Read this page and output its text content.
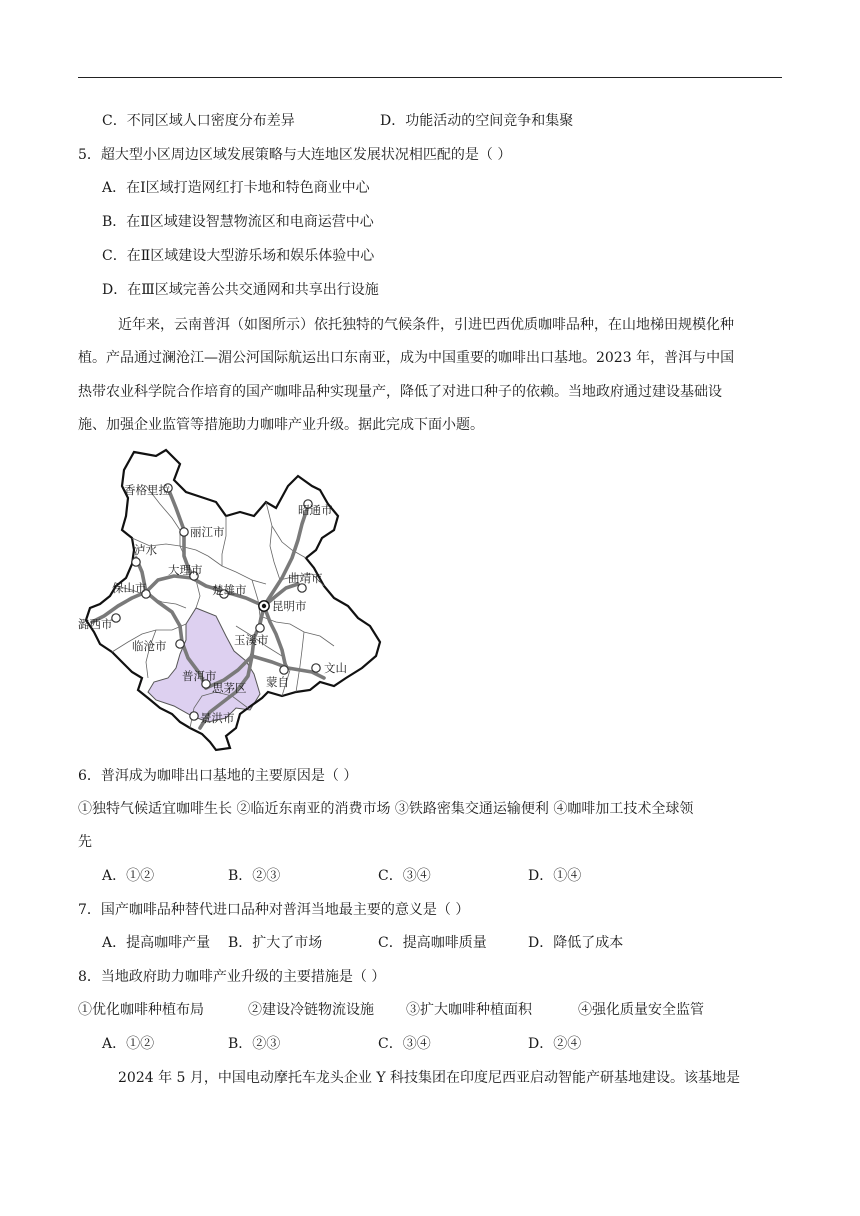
C．不同区域人口密度分布差异	D．功能活动的空间竞争和集聚
5．超大型小区周边区域发展策略与大连地区发展状况相匹配的是（ ）
A．在Ⅰ区域打造网红打卡地和特色商业中心
B．在Ⅱ区域建设智慧物流区和电商运营中心
C．在Ⅱ区域建设大型游乐场和娱乐体验中心
D．在Ⅲ区域完善公共交通网和共享出行设施
近年来，云南普洱（如图所示）依托独特的气候条件，引进巴西优质咖啡品种，在山地梯田规模化种
植。产品通过澜沧江—湄公河国际航运出口东南亚，成为中国重要的咖啡出口基地。2023 年，普洱与中国
热带农业科学院合作培育的国产咖啡品种实现量产，降低了对进口种子的依赖。当地政府通过建设基础设
施、加强企业监管等措施助力咖啡产业升级。据此完成下面小题。
香格里拉
丽江市
泸水
大理市
保山市	楚雄市
昭通市
曲靖市
昆明市
潞西市
临沧市	玉溪市
普洱市
思茅区 蒙自
文山
景洪市
6．普洱成为咖啡出口基地的主要原因是（ ）
①独特气候适宜咖啡生长 ②临近东南亚的消费市场 ③铁路密集交通运输便利 ④咖啡加工技术全球领
先
A．①②	B．②③	C．③④	D．①④
7．国产咖啡品种替代进口品种对普洱当地最主要的意义是（ ）
A．提高咖啡产量 B．扩大了市场	C．提高咖啡质量	D．降低了成本
8．当地政府助力咖啡产业升级的主要措施是（ ）
①优化咖啡种植布局	②建设冷链物流设施 ③扩大咖啡种植面积	④强化质量安全监管
A．①②	B．②③	C．③④	D．②④
2024 年 5 月，中国电动摩托车龙头企业 Y 科技集团在印度尼西亚启动智能产研基地建设。该基地是
